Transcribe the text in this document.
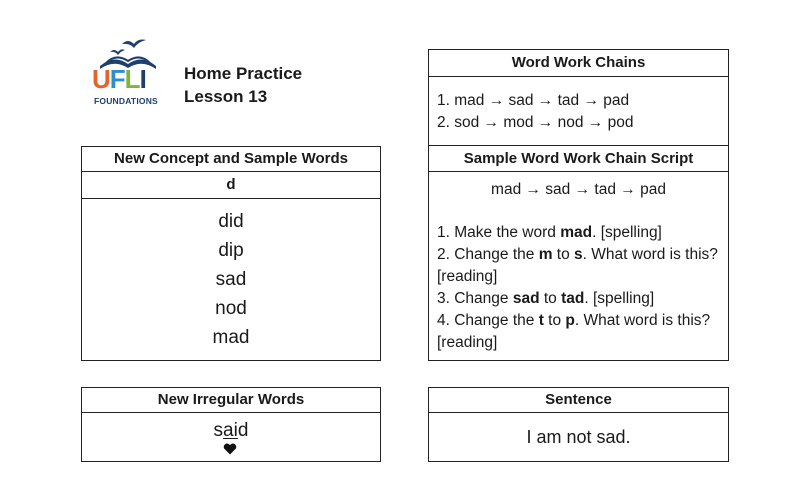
UFLI
FOUNDATIONS
Home Practice
Lesson 13
New Concept and Sample Words
d
did
dip
sad
nod
mad
New Irregular Words
said
Word Work Chains
1. mad → sad → tad → pad
2. sod → mod → nod → pod
Sample Word Work Chain Script
mad → sad → tad → pad
1. Make the word mad. [spelling]
2. Change the m to s. What word is this? [reading]
3. Change sad to tad. [spelling]
4. Change the t to p. What word is this? [reading]
Sentence
I am not sad.
